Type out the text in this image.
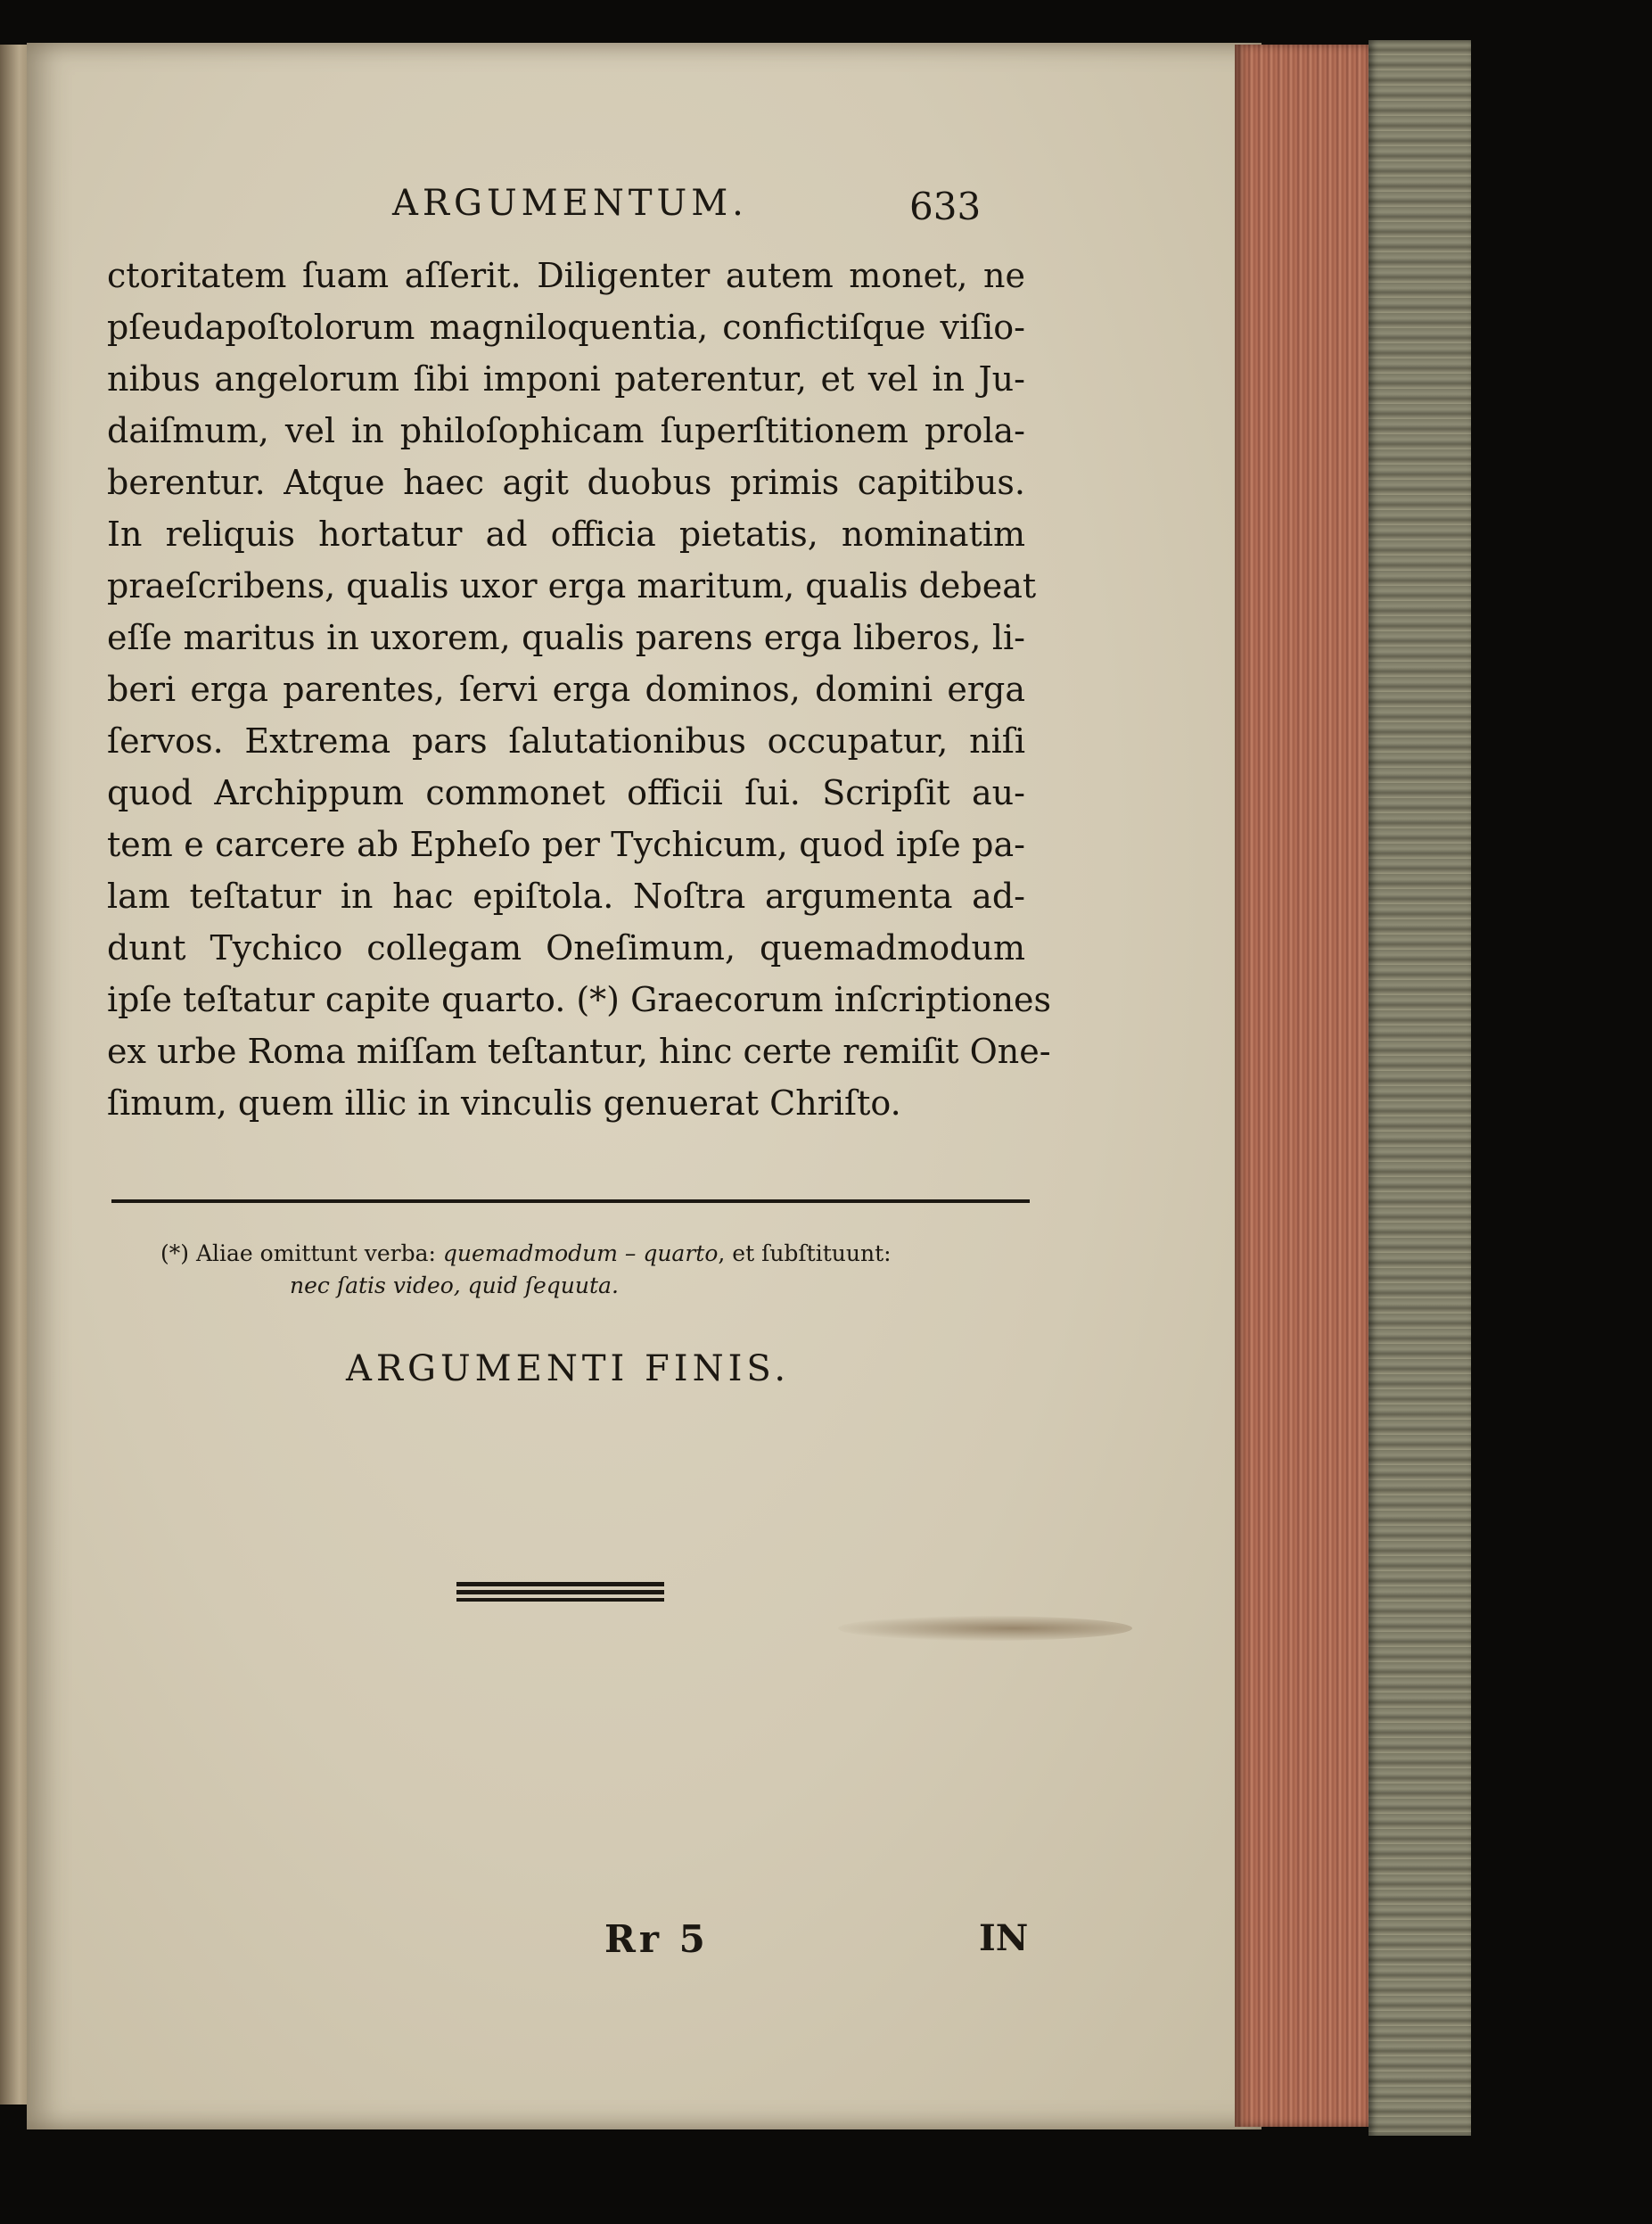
ARGUMENTUM.	633
ctoritatem ſuam aſſerit. Diligenter autem monet, ne
pſeudapoſtolorum magniloquentia, confictiſque viſio-
nibus angelorum ſibi imponi paterentur, et vel in Ju-
daiſmum, vel in philoſophicam ſuperſtitionem prola-
berentur. Atque haec agit duobus primis capitibus.
In reliquis hortatur ad officia pietatis, nominatim
praeſcribens, qualis uxor erga maritum, qualis debeat
eſſe maritus in uxorem, qualis parens erga liberos, li-
beri erga parentes, ſervi erga dominos, domini erga
ſervos. Extrema pars ſalutationibus occupatur, niſi
quod Archippum commonet officii ſui. Scripſit au-
tem e carcere ab Epheſo per Tychicum, quod ipſe pa-
lam teſtatur in hac epiſtola. Noſtra argumenta ad-
dunt Tychico collegam Oneſimum, quemadmodum
ipſe teſtatur capite quarto. (*) Graecorum inſcriptiones
ex urbe Roma miſſam teſtantur, hinc certe remiſit One-
ſimum, quem illic in vinculis genuerat Chriſto.
(*) Aliae omittunt verba: quemadmodum – quarto, et ſubſtituunt:
nec ſatis video, quid ſequuta.
ARGUMENTI FINIS.
Rr 5	IN
